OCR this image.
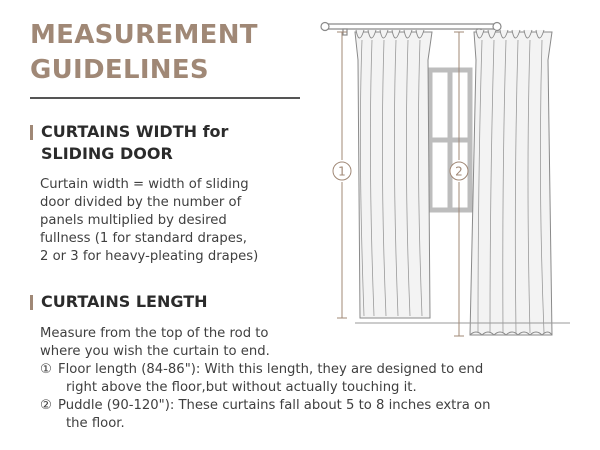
MEASUREMENT
GUIDELINES
CURTAINS WIDTH for
SLIDING DOOR
Curtain width = width of sliding
door divided by the number of
panels multiplied by desired
fullness (1 for standard drapes,
2 or 3 for heavy-pleating drapes)
CURTAINS LENGTH
Measure from the top of the rod to
where you wish the curtain to end.
① Floor length (84-86"): With this length, they are designed to end
right above the floor,but without actually touching it.
② Puddle (90-120"): These curtains fall about 5 to 8 inches extra on
the floor.
1	2
